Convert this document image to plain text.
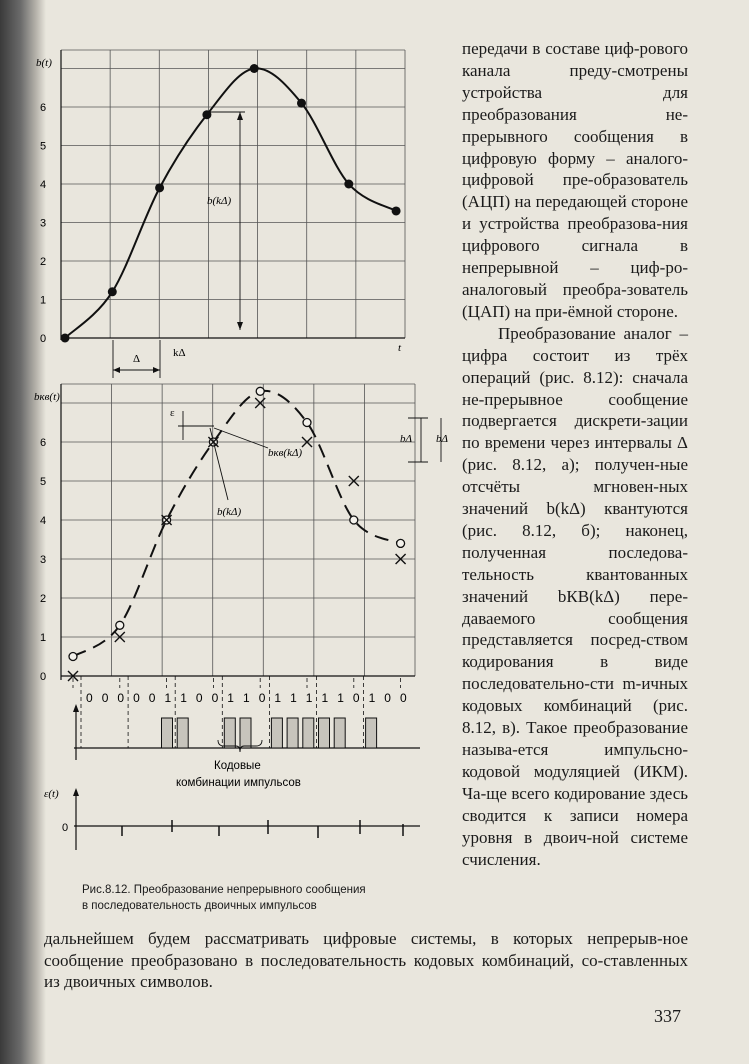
b(t)
t
0
1
2
3
4
5
6
b(kΔ)
Δ	kΔ
bкв(t)
0
1
2
3
4
5
6
ε
bΔ bΔ
b(kΔ)
bкв(kΔ)
0 0 0 0 0 1 1 0 0 1 1 0 1 1 1 1 1 0 1 0 0
Кодовые
комбинации импульсов
ε(t)
0
Рис.8.12. Преобразование непрерывного сообщения
в последовательность двоичных импульсов

передачи в составе циф-рового канала преду-смотрены устройства для преобразования не-прерывного сообщения в цифровую форму – аналого-цифровой пре-образователь (АЦП) на передающей стороне и устройства преобразова-ния цифрового сигнала в непрерывной – циф-ро-аналоговый преобра-зователь (ЦАП) на при-ёмной стороне.

Преобразование аналог – цифра состоит из трёх операций (рис. 8.12): сначала не-прерывное сообщение подвергается дискрети-зации по времени через интервалы Δ (рис. 8.12, а); получен-ные отсчёты мгновен-ных значений b(kΔ) квантуются (рис. 8.12, б); наконец, полученная последова-тельность квантованных значений bКВ(kΔ) пере-даваемого сообщения представляется посред-ством кодирования в виде последовательно-сти m-ичных кодовых комбинаций (рис. 8.12, в). Такое преобразование называ-ется импульсно-кодовой модуляцией (ИКМ). Ча-ще всего кодирование здесь сводится к записи номера уровня в двоич-ной системе счисления.

дальнейшем будем рассматривать цифровые системы, в которых непрерыв-ное сообщение преобразовано в последовательность кодовых комбинаций, со-ставленных из двоичных символов.
337
